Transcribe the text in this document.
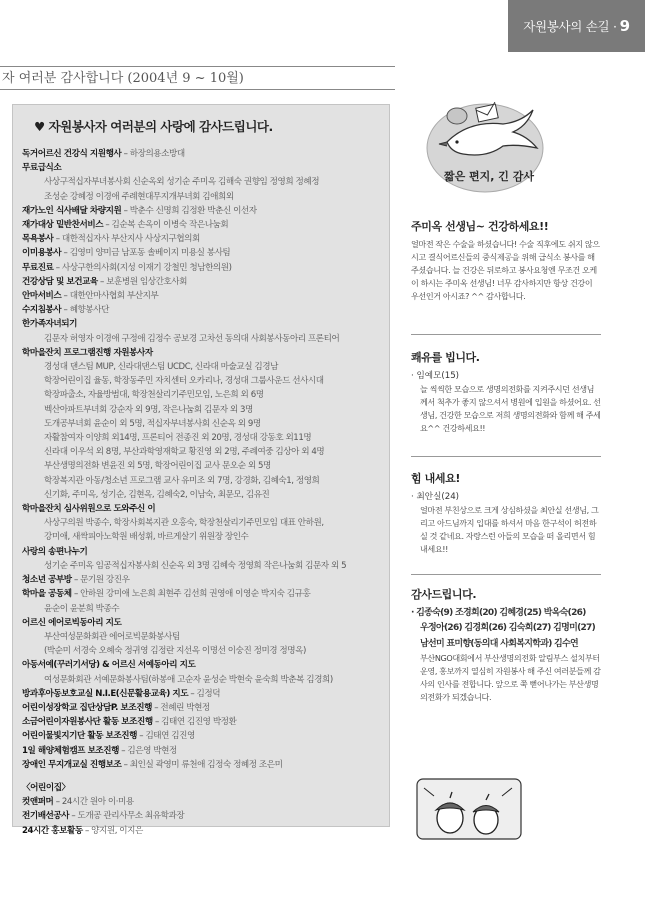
자원봉사의 손길 · 9
자 여러분 감사합니다 (2004년 9 ~ 10월)
♥ 자원봉사자 여러분의 사랑에 감사드립니다.
독거어르신 건강식 지원행사 – 하장의용소방대
무료급식소
사상구적십자부녀봉사회 신순옥외 성기순 주미옥 김해숙 권향임 정영희 정혜정
조성순 강혜정 이경애 주례현대무지개부녀회 김애희외
재가노인 식사배달 차량지원 – 박춘수 신명희 김정환 박춘신 이선자
재가대상 밑반찬서비스 – 김순복 손옥이 이병숙 작은나눔회
목욕봉사 – 대한적십자사 부산지사 사상지구협의회
이미용봉사 – 김영미 양미금 남포동 솔베이지 미용실 봉사팀
무료진료 – 사상구한의사회(지성 이재기 강철민 청남한의원)
건강상담 및 보건교육 – 보훈병원 임상간호사회
안마서비스 – 대한안마사협회 부산지부
수지침봉사 – 혜향봉사단
한가족자녀되기
김문자 허영자 이경애 구정애 김정수 공보경 고차선 동의대 사회봉사동아리 프론티어
학마을잔치 프로그램진행 자원봉사자
경성대 댄스팀 MUP, 신라대댄스팀 UCDC, 신라대 마술교실 김경남
학장어린이집 율동, 학장동주민 자치센터 오카리나, 경성대 그룹사운드 선사시대
학장파출소, 자율방범대, 학장천살리기주민모임, 노은희 외 6명
벡산아파트부녀회 강순자 외 9명, 작은나눔회 김문자 외 3명
도개공부녀회 윤순이 외 5명, 적십자부녀봉사회 신순옥 외 9명
자활참여자 이양희 외14명, 프론티어 전종진 외 20명, 경성대 강동호 외11명
신라대 이우석 외 8명, 부산과학영재학교 황진영 외 2명, 주례여중 김상아 외 4명
부산생명의전화 변윤진 외 5명, 학장어린이집 교사 문오순 외 5명
학장복지관 아동/청소년 프로그램 교사 유미조 외 7명, 강경화, 김혜숙1, 정영희
신기화, 주미옥, 성기순, 김현옥, 김혜숙2, 이남숙, 최문모, 김유진
학마을잔치 심사위원으로 도와주신 이
사상구의원 박종수, 학장사회복지관 오홍숙, 학장천살리기주민모임 대표 안하원,
강미애, 새싹피아노학원 배성휘, 바르게살기 위원장 장인수
사랑의 송편나누기
성기순 주미옥 임공적십자봉사회 신순옥 외 3명 김혜숙 정영희 작은나눔회 김문자 외 5
청소년 공부방 – 문기원 강진우
학마을 공동체 – 안하원 강미애 노은희 최현주 김선희 권영애 이영순 박지숙 김규홍
윤순이 윤분희 박종수
어르신 에어로빅동아리 지도
부산여성문화회관 에어로빅문화봉사팀
(박순미 서경숙 오혜숙 정귀영 김정란 지선옥 이명선 이숭진 정미경 정명옥)
아동서예(꾸러기서당) & 어르신 서예동아리 지도
여성문화회관 서예문화봉사팀(하봉애 고순자 윤성순 박현숙 윤숙희 박춘복 김경희)
방과후아동보호교실 N.I.E(신문활용교육) 지도 – 김정덕
어린이성장학교 집단상담P. 보조진행 – 전혜린 박현정
소금어린이자원봉사단 활동 보조진행 – 김태연 김진영 박정환
어린이물빛지기단 활동 보조진행 – 김태연 김진영
1일 해양체험캠프 보조진행 – 김은영 박현정
장애인 무지개교실 진행보조 – 최인실 곽영미 류천애 김정숙 정혜정 조은미
〈어린이집〉
컷앤퍼머 – 24시간 원아 이·미용
전기배선공사 – 도개공 관리사무소 최유학과장
24시간 홍보활동 – 양지원, 이지은
짧은 편지, 긴 감사
주미옥 선생님~ 건강하세요!!
얼마전 작은 수술을 하셨습니다! 수술 직후에도 쉬지 않으시고 결식어르신들의 중식제공을 위해 급식소 봉사를 해주셨습니다. 늘 건강은 뒤로하고 봉사요청엔 무조건 오케이 하시는 주미옥 선생님! 너무 감사하지만 항상 건강이 우선인거 아시죠? ^^ 감사합니다.
쾌유를 빕니다.
· 임예모(15)
늘 씩씩한 모습으로 생명의전화를 지켜주시던 선생님께서 척추가 좋지 않으셔서 병원에 입원을 하셨어요. 선생님, 건강한 모습으로 저희 생명의전화와 함께 해 주세요^^ 건강하세요!!
힘 내세요!
· 최안실(24)
얼마전 부친상으로 크게 상심하셨을 최안실 선생님, 그리고 아드님까지 입대를 하셔서 마음 한구석이 허전하실 것 같네요. 자랑스런 아들의 모습을 떠 올리면서 힘 내세요!!
감사드립니다.
· 김종숙(9) 조경희(20) 김혜경(25) 박옥숙(26)
우정아(26) 김경희(26) 김숙희(27) 김명미(27)
남선미 표미향(동의대 사회복지학과) 김수연
부산NGO대회에서 부산생명의전화 알림부스 설치부터 운영, 홍보까지 열심히 자원봉사 해 주신 여러분들께 감사의 인사를 전합니다. 앞으로 쭉 뻗어나가는 부산생명의전화가 되겠습니다.
